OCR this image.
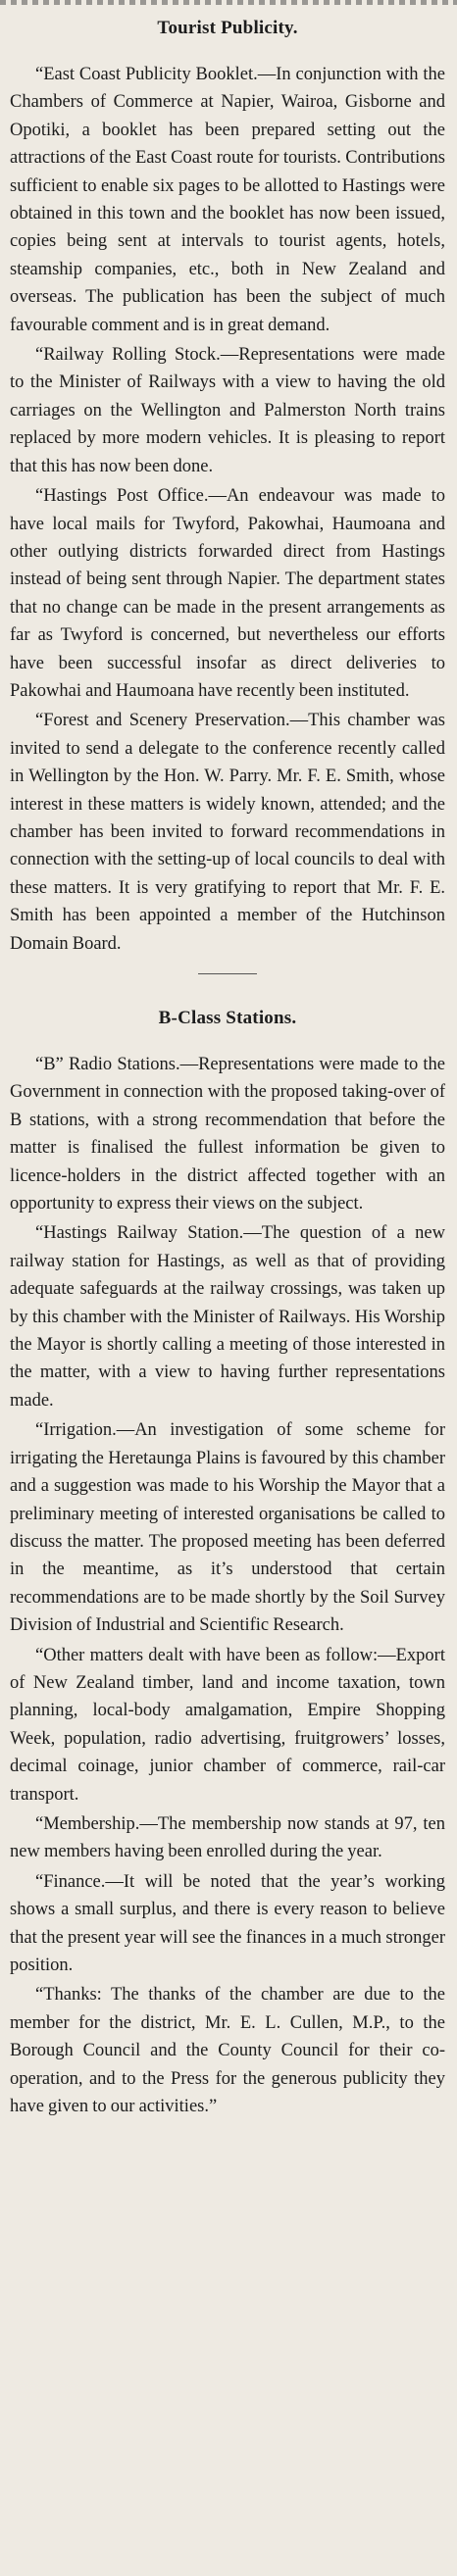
Tourist Publicity.

“East Coast Publicity Booklet.—In conjunction with the Chambers of Commerce at Napier, Wairoa, Gisborne and Opotiki, a booklet has been prepared setting out the attractions of the East Coast route for tourists. Contributions sufficient to enable six pages to be allotted to Hastings were obtained in this town and the booklet has now been issued, copies being sent at intervals to tourist agents, hotels, steamship companies, etc., both in New Zealand and overseas. The publication has been the subject of much favourable comment and is in great demand.

“Railway Rolling Stock.—Representations were made to the Minister of Railways with a view to having the old carriages on the Wellington and Palmerston North trains replaced by more modern vehicles. It is pleasing to report that this has now been done.

“Hastings Post Office.—An endeavour was made to have local mails for Twyford, Pakowhai, Haumoana and other outlying districts forwarded direct from Hastings instead of being sent through Napier. The department states that no change can be made in the present arrangements as far as Twyford is concerned, but nevertheless our efforts have been successful insofar as direct deliveries to Pakowhai and Haumoana have recently been instituted.

“Forest and Scenery Preservation.—This chamber was invited to send a delegate to the conference recently called in Wellington by the Hon. W. Parry. Mr. F. E. Smith, whose interest in these matters is widely known, attended; and the chamber has been invited to forward recommendations in connection with the setting-up of local councils to deal with these matters. It is very gratifying to report that Mr. F. E. Smith has been appointed a member of the Hutchinson Domain Board.

B-Class Stations.

“B” Radio Stations.—Representations were made to the Government in connection with the proposed taking-over of B stations, with a strong recommendation that before the matter is finalised the fullest information be given to licence-holders in the district affected together with an opportunity to express their views on the subject.

“Hastings Railway Station.—The question of a new railway station for Hastings, as well as that of providing adequate safeguards at the railway crossings, was taken up by this chamber with the Minister of Railways. His Worship the Mayor is shortly calling a meeting of those interested in the matter, with a view to having further representations made.

“Irrigation.—An investigation of some scheme for irrigating the Heretaunga Plains is favoured by this chamber and a suggestion was made to his Worship the Mayor that a preliminary meeting of interested organisations be called to discuss the matter. The proposed meeting has been deferred in the meantime, as it’s understood that certain recommendations are to be made shortly by the Soil Survey Division of Industrial and Scientific Research.

“Other matters dealt with have been as follow:—Export of New Zealand timber, land and income taxation, town planning, local-body amalgamation, Empire Shopping Week, population, radio advertising, fruitgrowers’ losses, decimal coinage, junior chamber of commerce, rail-car transport.

“Membership.—The membership now stands at 97, ten new members having been enrolled during the year.

“Finance.—It will be noted that the year’s working shows a small surplus, and there is every reason to believe that the present year will see the finances in a much stronger position.

“Thanks: The thanks of the chamber are due to the member for the district, Mr. E. L. Cullen, M.P., to the Borough Council and the County Council for their co-operation, and to the Press for the generous publicity they have given to our activities.”
